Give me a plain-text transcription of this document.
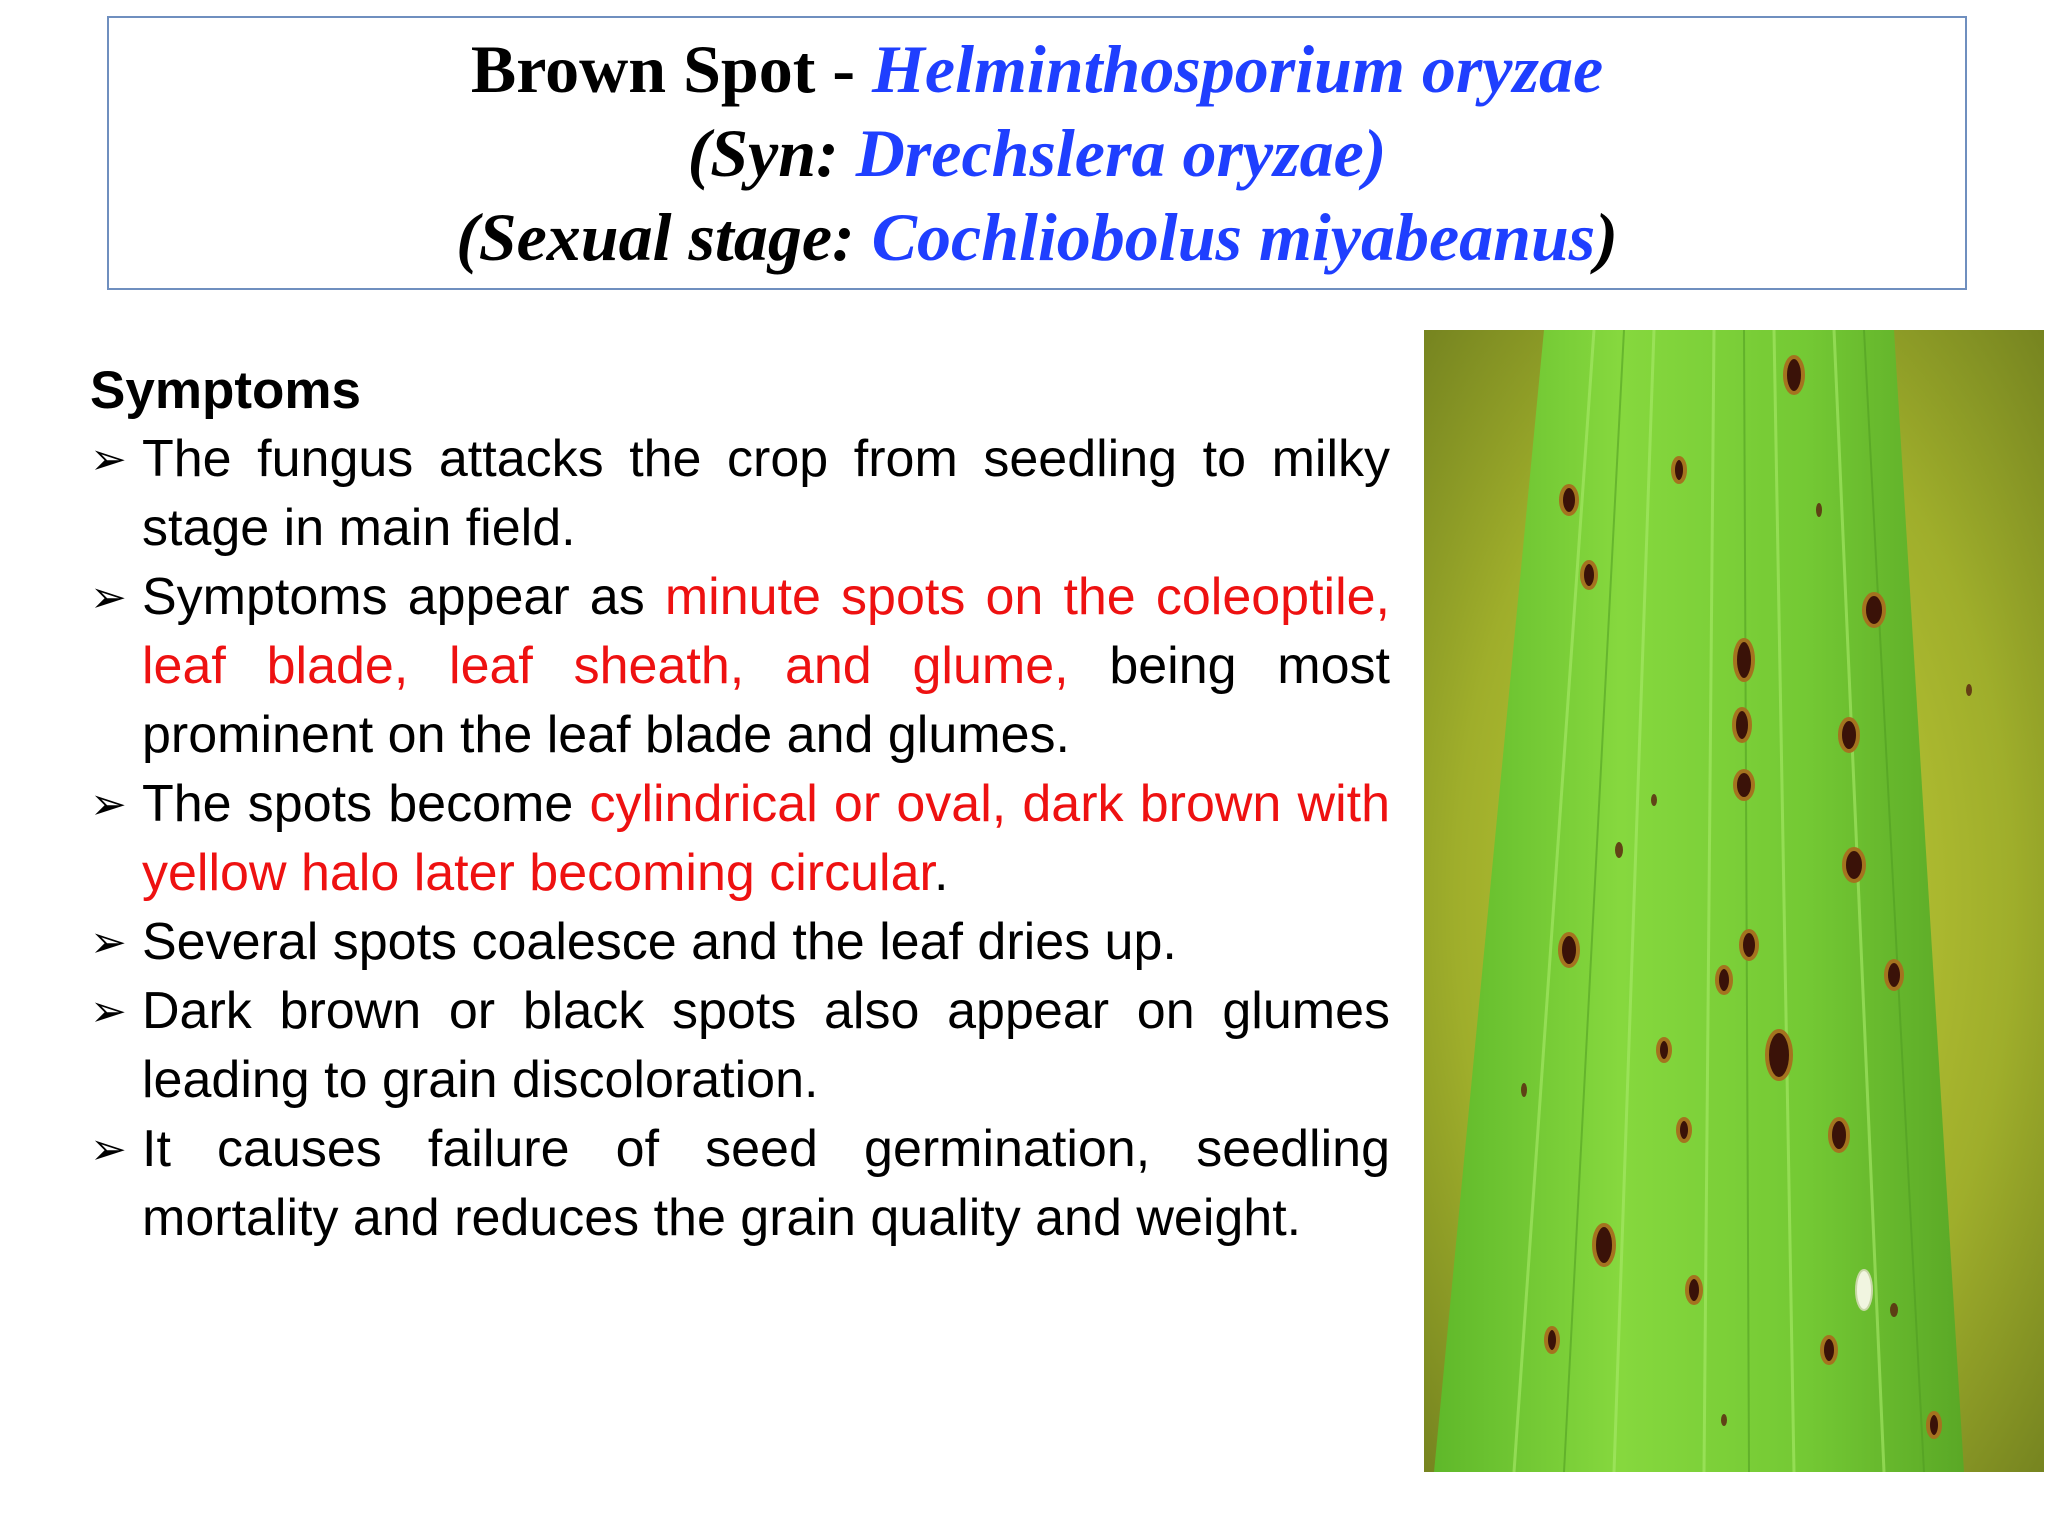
Brown Spot - Helminthosporium oryzae
(Syn: Drechslera oryzae)
(Sexual stage: Cochliobolus miyabeanus)
Symptoms
➢ The fungus attacks the crop from seedling to milky stage in main field.
➢ Symptoms appear as minute spots on the coleoptile, leaf blade, leaf sheath, and glume, being most prominent on the leaf blade and glumes.
➢ The spots become cylindrical or oval, dark brown with yellow halo later becoming circular.
➢ Several spots coalesce and the leaf dries up.
➢ Dark brown or black spots also appear on glumes leading to grain discoloration.
➢ It causes failure of seed germination, seedling mortality and reduces the grain quality and weight.
